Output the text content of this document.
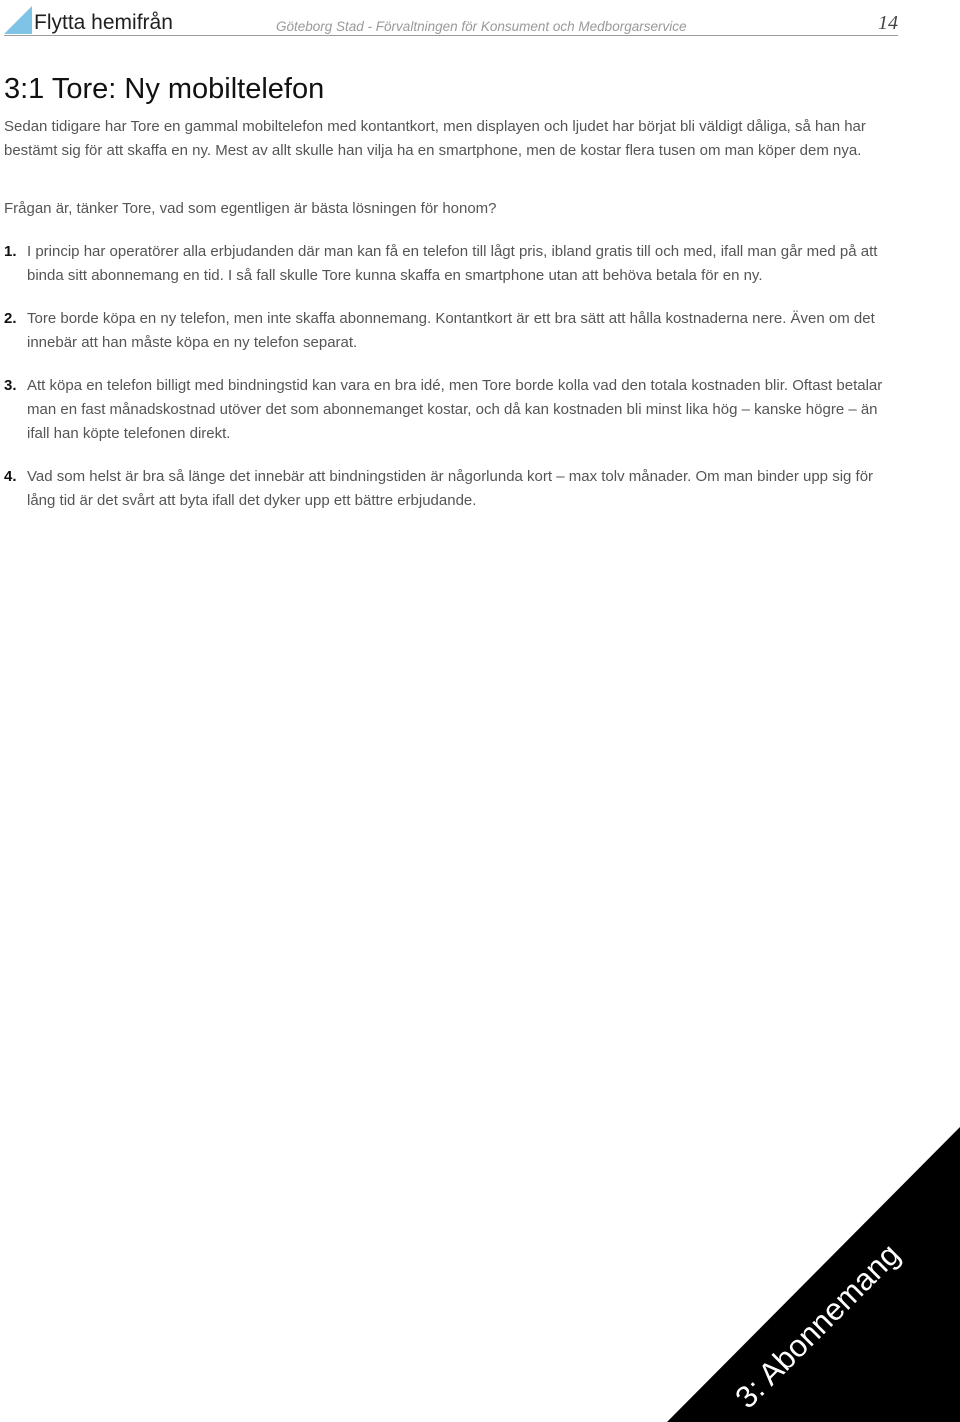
Flytta hemifrån	Göteborg Stad - Förvaltningen för Konsument och Medborgarservice	14
3:1 Tore: Ny mobiltelefon

Sedan tidigare har Tore en gammal mobiltelefon med kontantkort, men displayen och ljudet har börjat bli väldigt dåliga, så han har bestämt sig för att skaffa en ny. Mest av allt skulle han vilja ha en smartphone, men de kostar flera tusen om man köper dem nya.

Frågan är, tänker Tore, vad som egentligen är bästa lösningen för honom?

1. I princip har operatörer alla erbjudanden där man kan få en telefon till lågt pris, ibland gratis till och med, ifall man går med på att binda sitt abonnemang en tid. I så fall skulle Tore kunna skaffa en smartphone utan att behöva betala för en ny.
2. Tore borde köpa en ny telefon, men inte skaffa abonnemang. Kontantkort är ett bra sätt att hålla kostnaderna nere. Även om det innebär att han måste köpa en ny telefon separat.
3. Att köpa en telefon billigt med bindningstid kan vara en bra idé, men Tore borde kolla vad den totala kostnaden blir. Oftast betalar man en fast månadskostnad utöver det som abonnemanget kostar, och då kan kostnaden bli minst lika hög – kanske högre – än ifall han köpte telefonen direkt.
4. Vad som helst är bra så länge det innebär att bindningstiden är någorlunda kort – max tolv månader. Om man binder upp sig för lång tid är det svårt att byta ifall det dyker upp ett bättre erbjudande.
3: Abonnemang
